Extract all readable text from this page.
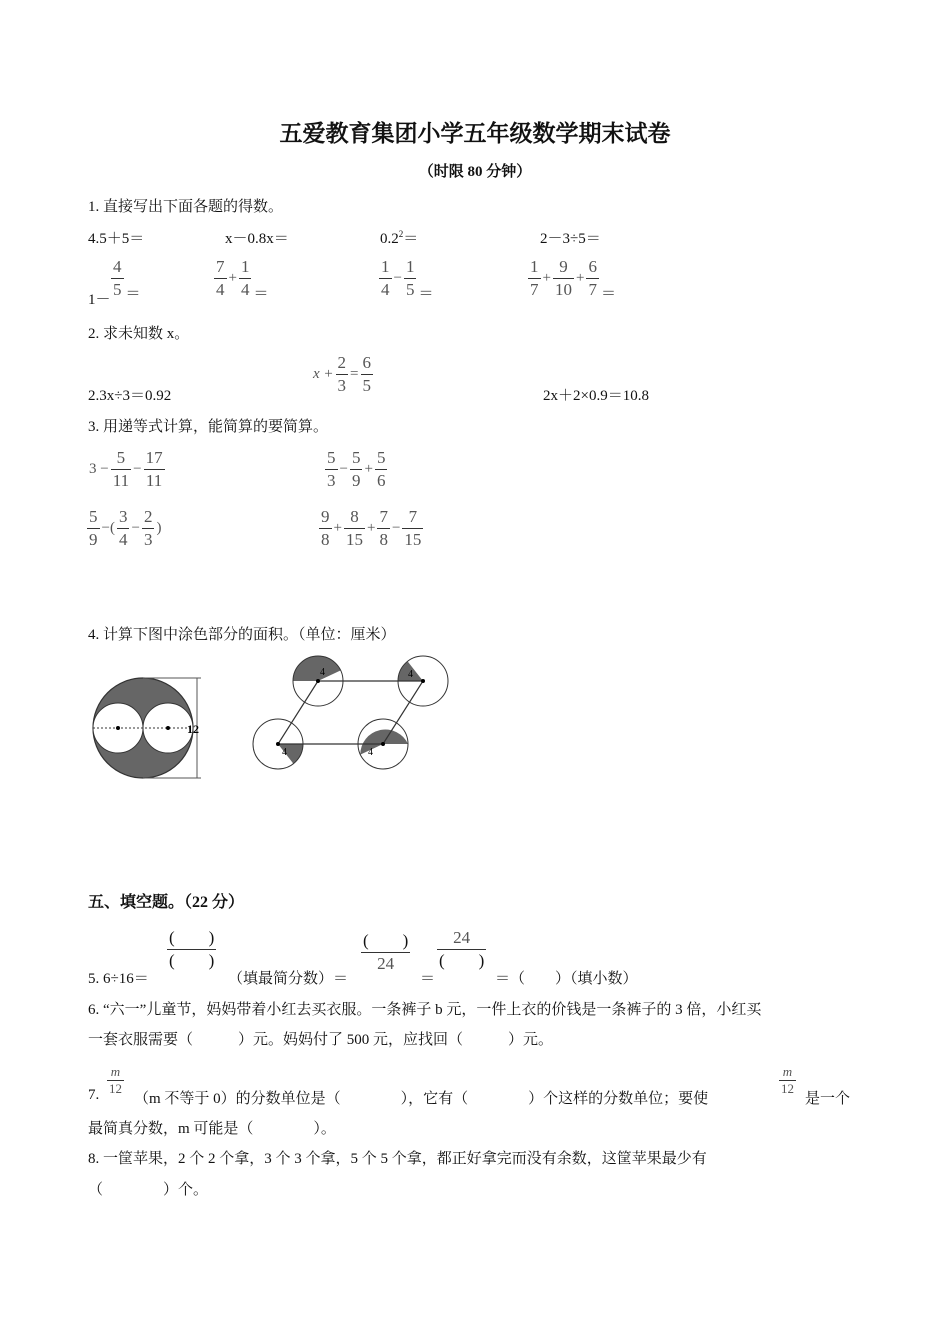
五爱教育集团小学五年级数学期末试卷
（时限 80 分钟）
1. 直接写出下面各题的得数。
4.5＋5＝	x－0.8x＝	$0.2^2=$	2－3÷5＝
$1- \frac{4}{5}$ ＝	$\frac{7}{4} + \frac{1}{4}$ ＝	$\frac{1}{4} - \frac{1}{5}$ ＝	$\frac{1}{7} + \frac{9}{10} + \frac{6}{7}$ ＝
2. 求未知数 x。
2.3x÷3＝0.92
$x + \frac{2}{3} = \frac{6}{5}$	2x＋2×0.9＝10.8
3. 用递等式计算，能简算的要简算。
$3 - \frac{5}{11} - \frac{17}{11}$	$\frac{5}{3} - \frac{5}{9} + \frac{5}{6}$
$\frac{5}{9}$ −( $\frac{3}{4} - \frac{2}{3}$ )	$\frac{9}{8} + \frac{8}{15} + \frac{7}{8} - \frac{7}{15}$
4. 计算下图中涂色部分的面积。（单位：厘米）
12
4	4
4	4
五、填空题。（22 分）
5. 6÷16＝
$\frac{( )}{( )}$
（填最简分数）＝
$\frac{( )}{24}$
＝
$\frac{24}{( )}$
＝（　　）（填小数）
6. “六一”儿童节，妈妈带着小红去买衣服。一条裤子 b 元，一件上衣的价钱是一条裤子的 3 倍，小红买
一套衣服需要（　　　）元。妈妈付了 500 元，应找回（　　　）元。
7. $\frac{m}{12}$
（m 不等于 0）的分数单位是（　　　　），它有（　　　　）个这样的分数单位；要使
$\frac{m}{12}$
是一个
最简真分数，m 可能是（　　　　）。
8. 一筐苹果，2 个 2 个拿，3 个 3 个拿，5 个 5 个拿，都正好拿完而没有余数，这筐苹果最少有
（　　　　）个。
